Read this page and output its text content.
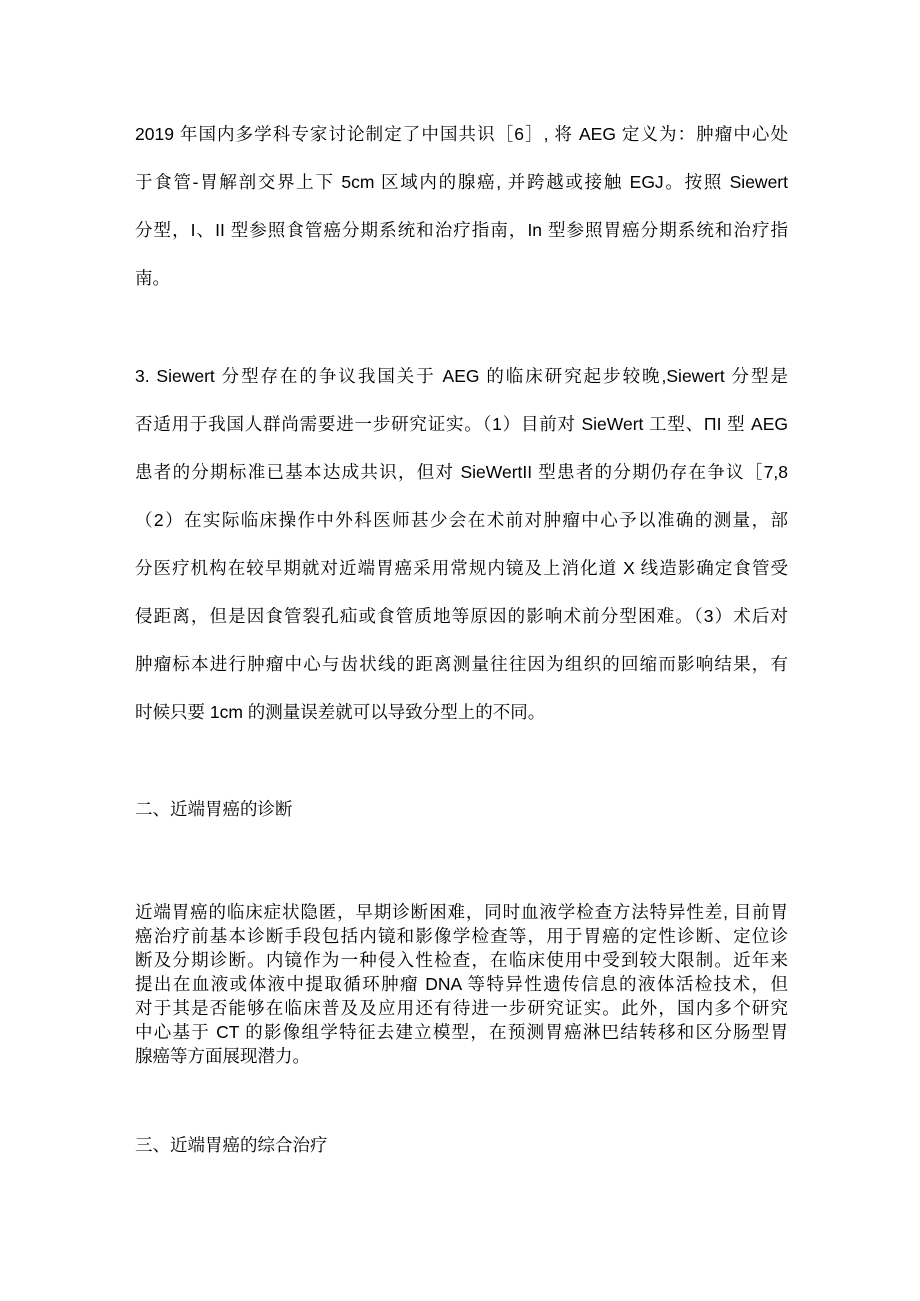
2019 年国内多学科专家讨论制定了中国共识［6］, 将 AEG 定义为：肿瘤中心处
于食管-胃解剖交界上下 5cm 区域内的腺癌, 并跨越或接触 EGJ。按照 Siewert
分型，I、II 型参照食管癌分期系统和治疗指南，In 型参照胃癌分期系统和治疗指
南。
3. Siewert 分型存在的争议我国关于 AEG 的临床研究起步较晚,Siewert 分型是
否适用于我国人群尚需要进一步研究证实。（1）目前对 SieWert 工型、ΠI 型 AEG
患者的分期标准已基本达成共识，但对 SieWertII 型患者的分期仍存在争议［7,8
（2）在实际临床操作中外科医师甚少会在术前对肿瘤中心予以准确的测量，部
分医疗机构在较早期就对近端胃癌采用常规内镜及上消化道 X 线造影确定食管受
侵距离，但是因食管裂孔疝或食管质地等原因的影响术前分型困难。（3）术后对
肿瘤标本进行肿瘤中心与齿状线的距离测量往往因为组织的回缩而影响结果，有
时候只要 1cm 的测量误差就可以导致分型上的不同。
二、近端胃癌的诊断
近端胃癌的临床症状隐匿，早期诊断困难，同时血液学检查方法特异性差, 目前胃
癌治疗前基本诊断手段包括内镜和影像学检查等，用于胃癌的定性诊断、定位诊
断及分期诊断。内镜作为一种侵入性检查，在临床使用中受到较大限制。近年来
提出在血液或体液中提取循环肿瘤 DNA 等特异性遗传信息的液体活检技术，但
对于其是否能够在临床普及及应用还有待进一步研究证实。此外，国内多个研究
中心基于 CT 的影像组学特征去建立模型，在预测胃癌淋巴结转移和区分肠型胃
腺癌等方面展现潜力。
三、近端胃癌的综合治疗
